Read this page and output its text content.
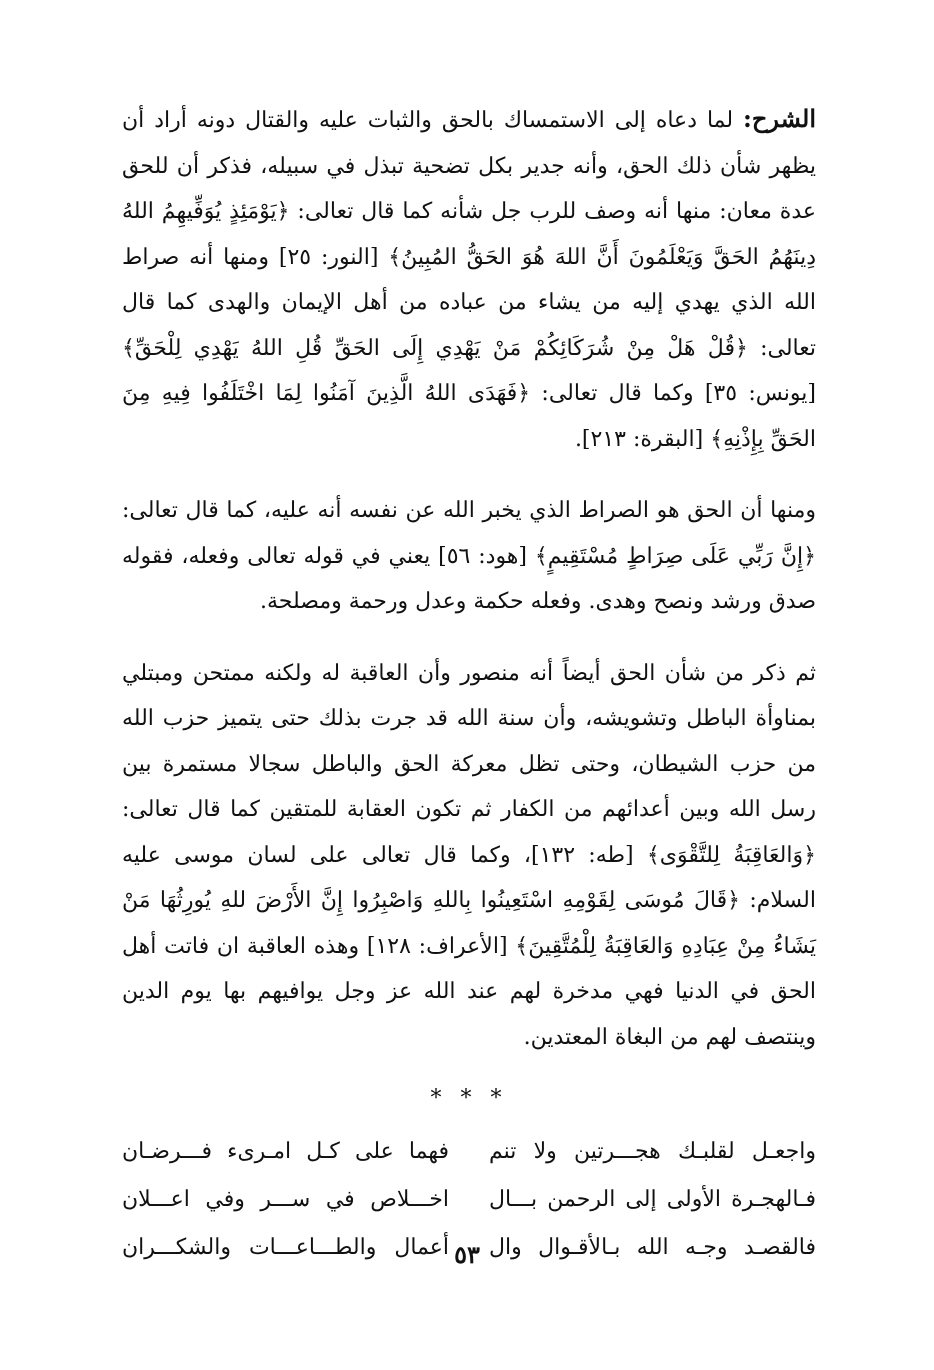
الشرح: لما دعاه إلى الاستمساك بالحق والثبات عليه والقتال دونه أراد أن يظهر شأن ذلك الحق، وأنه جدير بكل تضحية تبذل في سبيله، فذكر أن للحق عدة معان: منها أنه وصف للرب جل شأنه كما قال تعالى: ﴿يَوْمَئِذٍ يُوَفِّيهِمُ اللهُ دِينَهُمُ الحَقَّ وَيَعْلَمُونَ أَنَّ اللهَ هُوَ الحَقُّ المُبِينُ﴾ [النور: ٢٥] ومنها أنه صراط الله الذي يهدي إليه من يشاء من عباده من أهل الإيمان والهدى كما قال تعالى: ﴿قُلْ هَلْ مِنْ شُرَكَائِكُمْ مَنْ يَهْدِي إِلَى الحَقِّ قُلِ اللهُ يَهْدِي لِلْحَقِّ﴾ [يونس: ٣٥] وكما قال تعالى: ﴿فَهَدَى اللهُ الَّذِينَ آمَنُوا لِمَا اخْتَلَفُوا فِيهِ مِنَ الحَقِّ بِإِذْنِهِ﴾ [البقرة: ٢١٣].

ومنها أن الحق هو الصراط الذي يخبر الله عن نفسه أنه عليه، كما قال تعالى: ﴿إِنَّ رَبِّي عَلَى صِرَاطٍ مُسْتَقِيمٍ﴾ [هود: ٥٦] يعني في قوله تعالى وفعله، فقوله صدق ورشد ونصح وهدى. وفعله حكمة وعدل ورحمة ومصلحة.

ثم ذكر من شأن الحق أيضاً أنه منصور وأن العاقبة له ولكنه ممتحن ومبتلي بمناوأة الباطل وتشويشه، وأن سنة الله قد جرت بذلك حتى يتميز حزب الله من حزب الشيطان، وحتى تظل معركة الحق والباطل سجالا مستمرة بين رسل الله وبين أعدائهم من الكفار ثم تكون العقابة للمتقين كما قال تعالى: ﴿وَالعَاقِبَةُ لِلتَّقْوَى﴾ [طه: ١٣٢]، وكما قال تعالى على لسان موسى عليه السلام: ﴿قَالَ مُوسَى لِقَوْمِهِ اسْتَعِينُوا بِاللهِ وَاصْبِرُوا إِنَّ الأَرْضَ للهِ يُورِثُهَا مَنْ يَشَاءُ مِنْ عِبَادِهِ وَالعَاقِبَةُ لِلْمُتَّقِينَ﴾ [الأعراف: ١٢٨] وهذه العاقبة ان فاتت أهل الحق في الدنيا فهي مدخرة لهم عند الله عز وجل يوافيهم بها يوم الدين وينتصف لهم من البغاة المعتدين.

* * *
واجعـل لقلبـك هجـــرتين ولا تنم
فهما على كـل امـرىء فـــرضـان
فـالهجـرة الأولى إلى الرحمن بـــال
اخـــلاص في ســـر وفي اعـــلان
فالقصـد وجـه الله بـالأقـوال وال
أعمال والطـــاعـــات والشكـــران ٥٣
